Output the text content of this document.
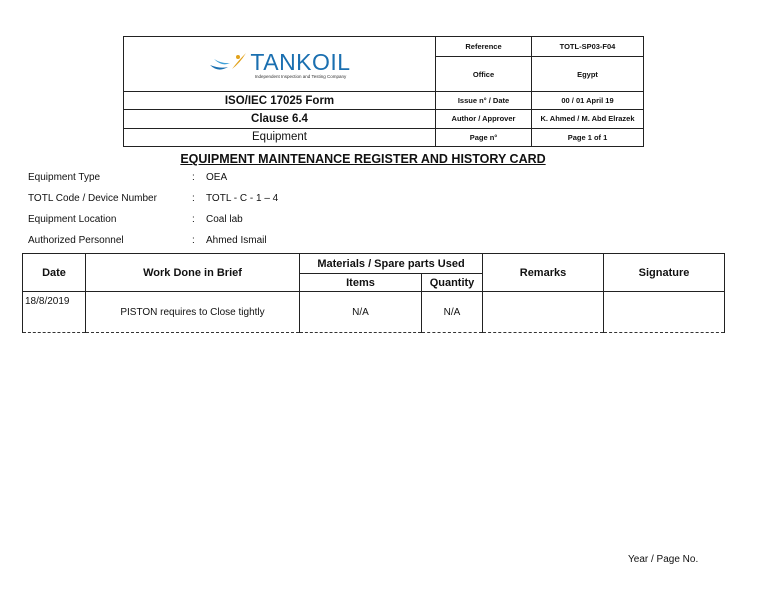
TANKOIL
Independent Inspection and Testing Company	Reference	TOTL-SP03-F04
	Office	Egypt
ISO/IEC 17025 Form	Issue n° / Date	00 / 01 April 19
Clause 6.4	Author / Approver	K. Ahmed / M. Abd Elrazek
Equipment	Page n°	Page 1 of 1
EQUIPMENT MAINTENANCE REGISTER AND HISTORY CARD
Equipment Type	: OEA
TOTL Code / Device Number	: TOTL - C - 1 – 4
Equipment Location	: Coal lab
Authorized Personnel	: Ahmed Ismail
Date	Work Done in Brief	Materials / Spare parts Used		Remarks	Signature
		Items	Quantity		
18/8/2019	PISTON requires to Close tightly	N/A	N/A		
Year / Page No.
